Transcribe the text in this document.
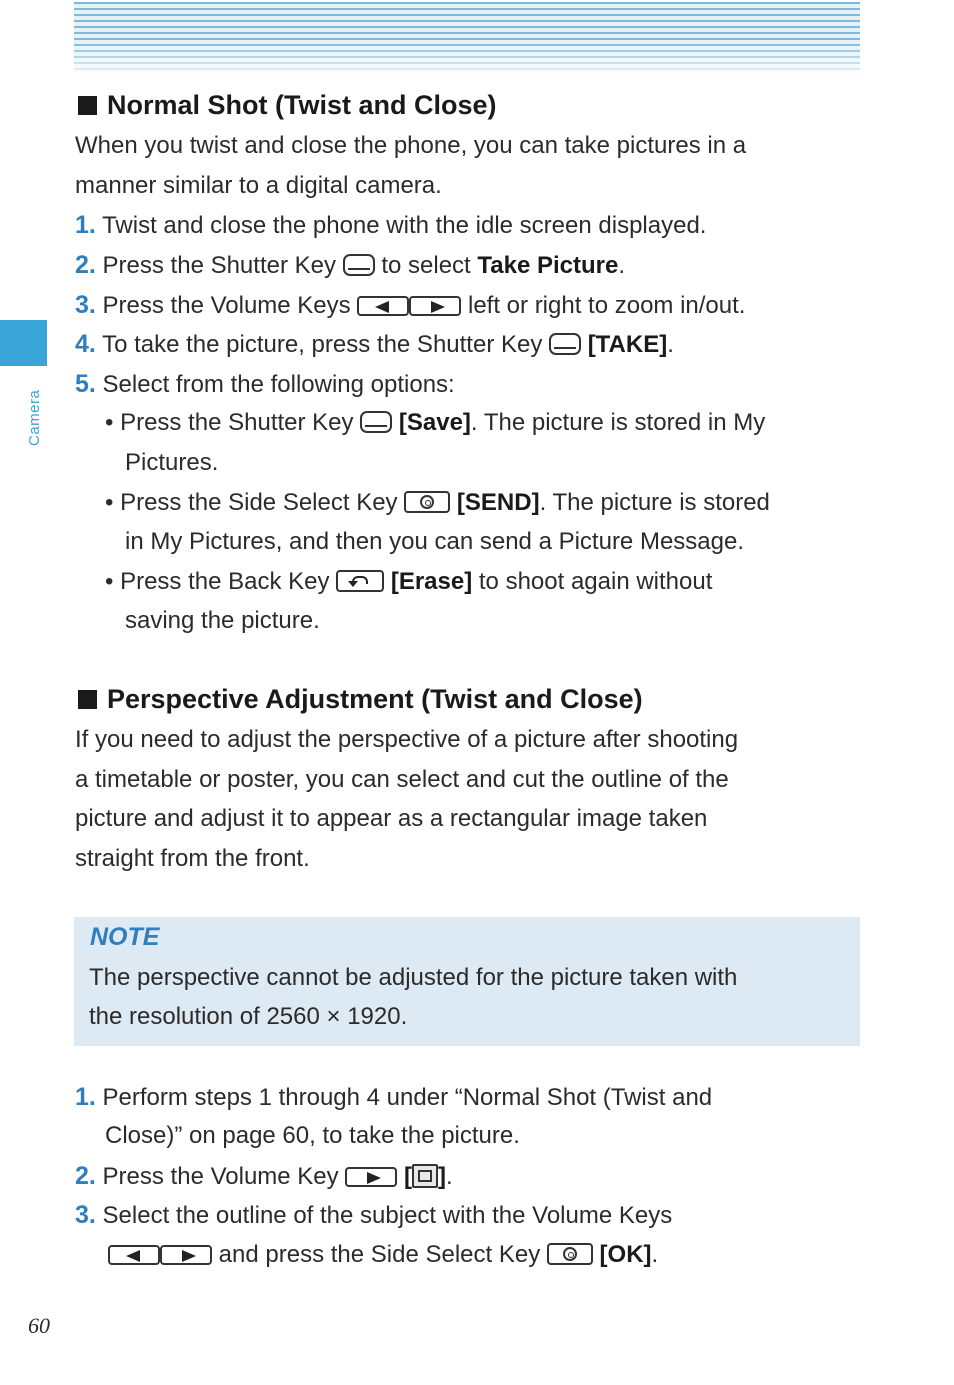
Camera
Normal Shot (Twist and Close)
When you twist and close the phone, you can take pictures in a
manner similar to a digital camera.
1. Twist and close the phone with the idle screen displayed.
2. Press the Shutter Key to select Take Picture.
3. Press the Volume Keys	left or right to zoom in/out.
4. To take the picture, press the Shutter Key [TAKE].
5. Select from the following options:
• Press the Shutter Key [Save]. The picture is stored in My
Pictures.
• Press the Side Select Key [SEND]. The picture is stored
in My Pictures, and then you can send a Picture Message.
• Press the Back Key	[Erase] to shoot again without
saving the picture.
Perspective Adjustment (Twist and Close)
If you need to adjust the perspective of a picture after shooting
a timetable or poster, you can select and cut the outline of the
picture and adjust it to appear as a rectangular image taken
straight from the front.
NOTE
The perspective cannot be adjusted for the picture taken with
the resolution of 2560 × 1920.
1. Perform steps 1 through 4 under “Normal Shot (Twist and
Close)” on page 60, to take the picture.
2. Press the Volume Key	[ ].
3. Select the outline of the subject with the Volume Keys
and press the Side Select Key [OK].
60
